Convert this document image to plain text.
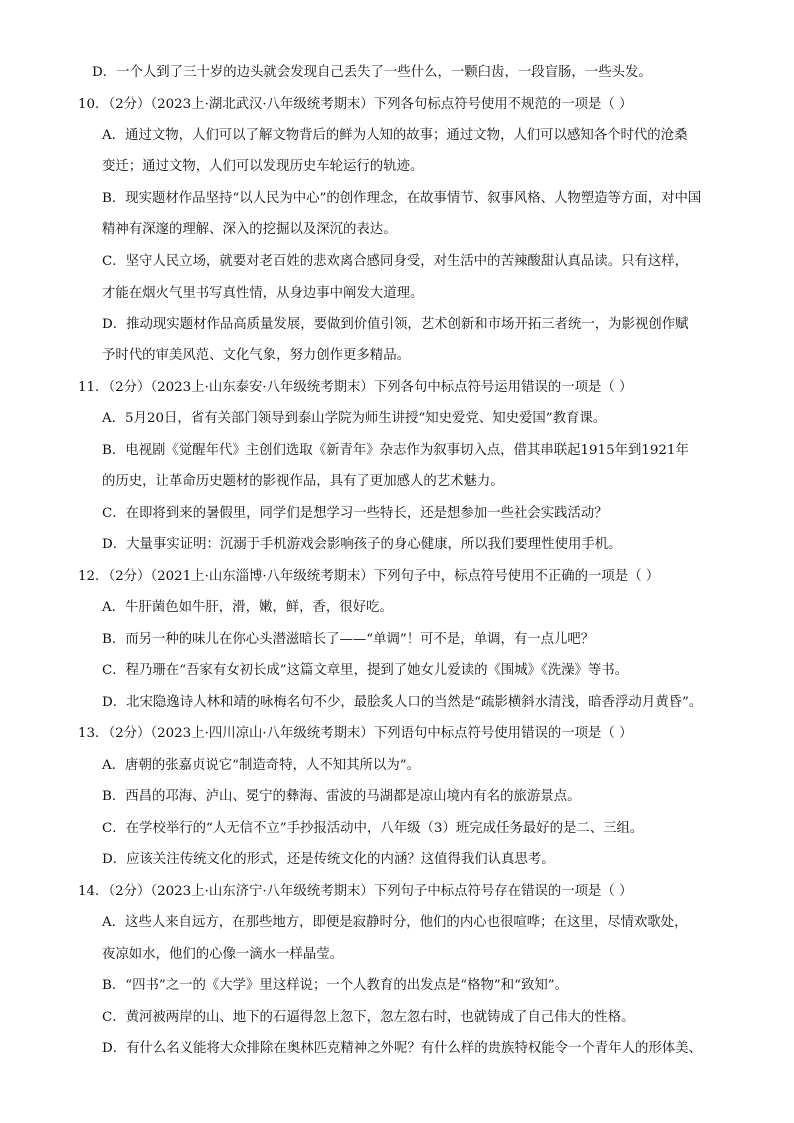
D．一个人到了三十岁的边头就会发现自己丢失了一些什么，一颗臼齿，一段盲肠，一些头发。
10．（2分）（2023上·湖北武汉·八年级统考期末）下列各句标点符号使用不规范的一项是（ ）
A．通过文物，人们可以了解文物背后的鲜为人知的故事；通过文物，人们可以感知各个时代的沧桑
变迁；通过文物，人们可以发现历史车轮运行的轨迹。
B．现实题材作品坚持“以人民为中心”的创作理念，在故事情节、叙事风格、人物塑造等方面，对中国
精神有深邃的理解、深入的挖掘以及深沉的表达。
C．坚守人民立场，就要对老百姓的悲欢离合感同身受，对生活中的苦辣酸甜认真品读。只有这样，
才能在烟火气里书写真性情，从身边事中阐发大道理。
D．推动现实题材作品高质量发展，要做到价值引领，艺术创新和市场开拓三者统一，为影视创作赋
予时代的审美风范、文化气象，努力创作更多精品。
11．（2分）（2023上·山东泰安·八年级统考期末）下列各句中标点符号运用错误的一项是（ ）
A．5月20日，省有关部门领导到泰山学院为师生讲授“知史爱党、知史爱国”教育课。
B．电视剧《觉醒年代》主创们选取《新青年》杂志作为叙事切入点，借其串联起1915年到1921年
的历史，让革命历史题材的影视作品，具有了更加感人的艺术魅力。
C．在即将到来的暑假里，同学们是想学习一些特长，还是想参加一些社会实践活动？
D．大量事实证明：沉溺于手机游戏会影响孩子的身心健康，所以我们要理性使用手机。
12．（2分）（2021上·山东淄博·八年级统考期末）下列句子中，标点符号使用不正确的一项是（ ）
A．牛肝菌色如牛肝，滑，嫩，鲜，香，很好吃。
B．而另一种的味儿在你心头潜滋暗长了——“单调”！可不是，单调，有一点儿吧？
C．程乃珊在“吾家有女初长成”这篇文章里，提到了她女儿爱读的《围城》《洗澡》等书。
D．北宋隐逸诗人林和靖的咏梅名句不少，最脍炙人口的当然是“疏影横斜水清浅，暗香浮动月黄昏”。
13．（2分）（2023上·四川凉山·八年级统考期末）下列语句中标点符号使用错误的一项是（ ）
A．唐朝的张嘉贞说它“制造奇特，人不知其所以为”。
B．西昌的邛海、泸山、冕宁的彝海、雷波的马湖都是凉山境内有名的旅游景点。
C．在学校举行的“人无信不立”手抄报活动中，八年级（3）班完成任务最好的是二、三组。
D．应该关注传统文化的形式，还是传统文化的内涵？这值得我们认真思考。
14．（2分）（2023上·山东济宁·八年级统考期末）下列句子中标点符号存在错误的一项是（ ）
A．这些人来自远方，在那些地方，即便是寂静时分，他们的内心也很喧哗；在这里，尽情欢歌处，
夜凉如水，他们的心像一滴水一样晶莹。
B．“四书”之一的《大学》里这样说；一个人教育的出发点是“格物”和“致知”。
C．黄河被两岸的山、地下的石逼得忽上忽下，忽左忽右时，也就铸成了自己伟大的性格。
D．有什么名义能将大众排除在奥林匹克精神之外呢？有什么样的贵族特权能令一个青年人的形体美、
